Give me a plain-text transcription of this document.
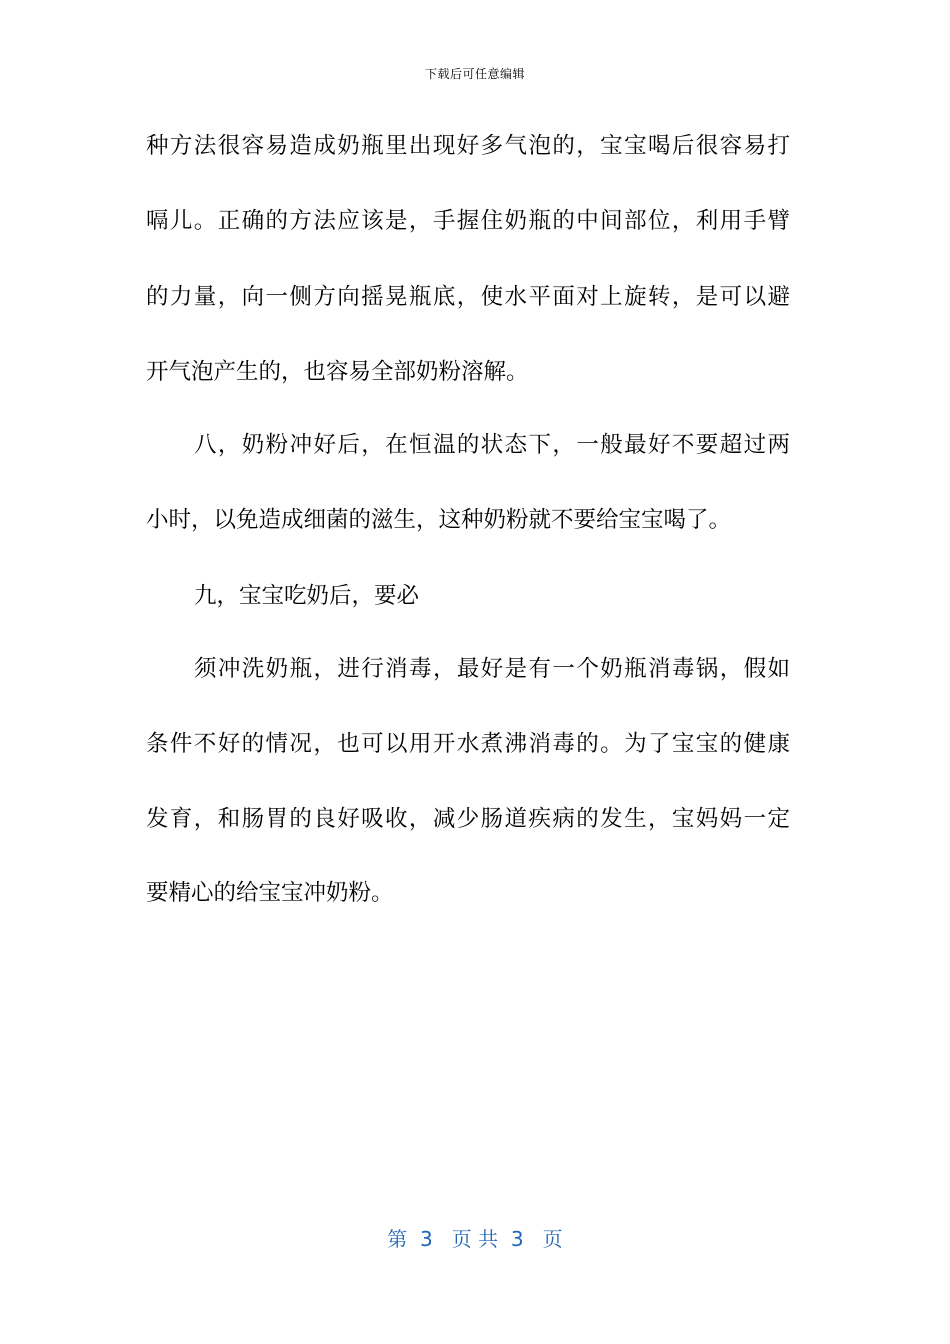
下载后可任意编辑
种方法很容易造成奶瓶里出现好多气泡的，宝宝喝后很容易打
嗝儿。正确的方法应该是，手握住奶瓶的中间部位，利用手臂
的力量，向一侧方向摇晃瓶底，使水平面对上旋转，是可以避
开气泡产生的，也容易全部奶粉溶解。
八，奶粉冲好后，在恒温的状态下，一般最好不要超过两
小时，以免造成细菌的滋生，这种奶粉就不要给宝宝喝了。
九，宝宝吃奶后，要必
须冲洗奶瓶，进行消毒，最好是有一个奶瓶消毒锅，假如
条件不好的情况，也可以用开水煮沸消毒的。为了宝宝的健康
发育，和肠胃的良好吸收，减少肠道疾病的发生，宝妈妈一定
要精心的给宝宝冲奶粉。
第  3   页 共  3   页
